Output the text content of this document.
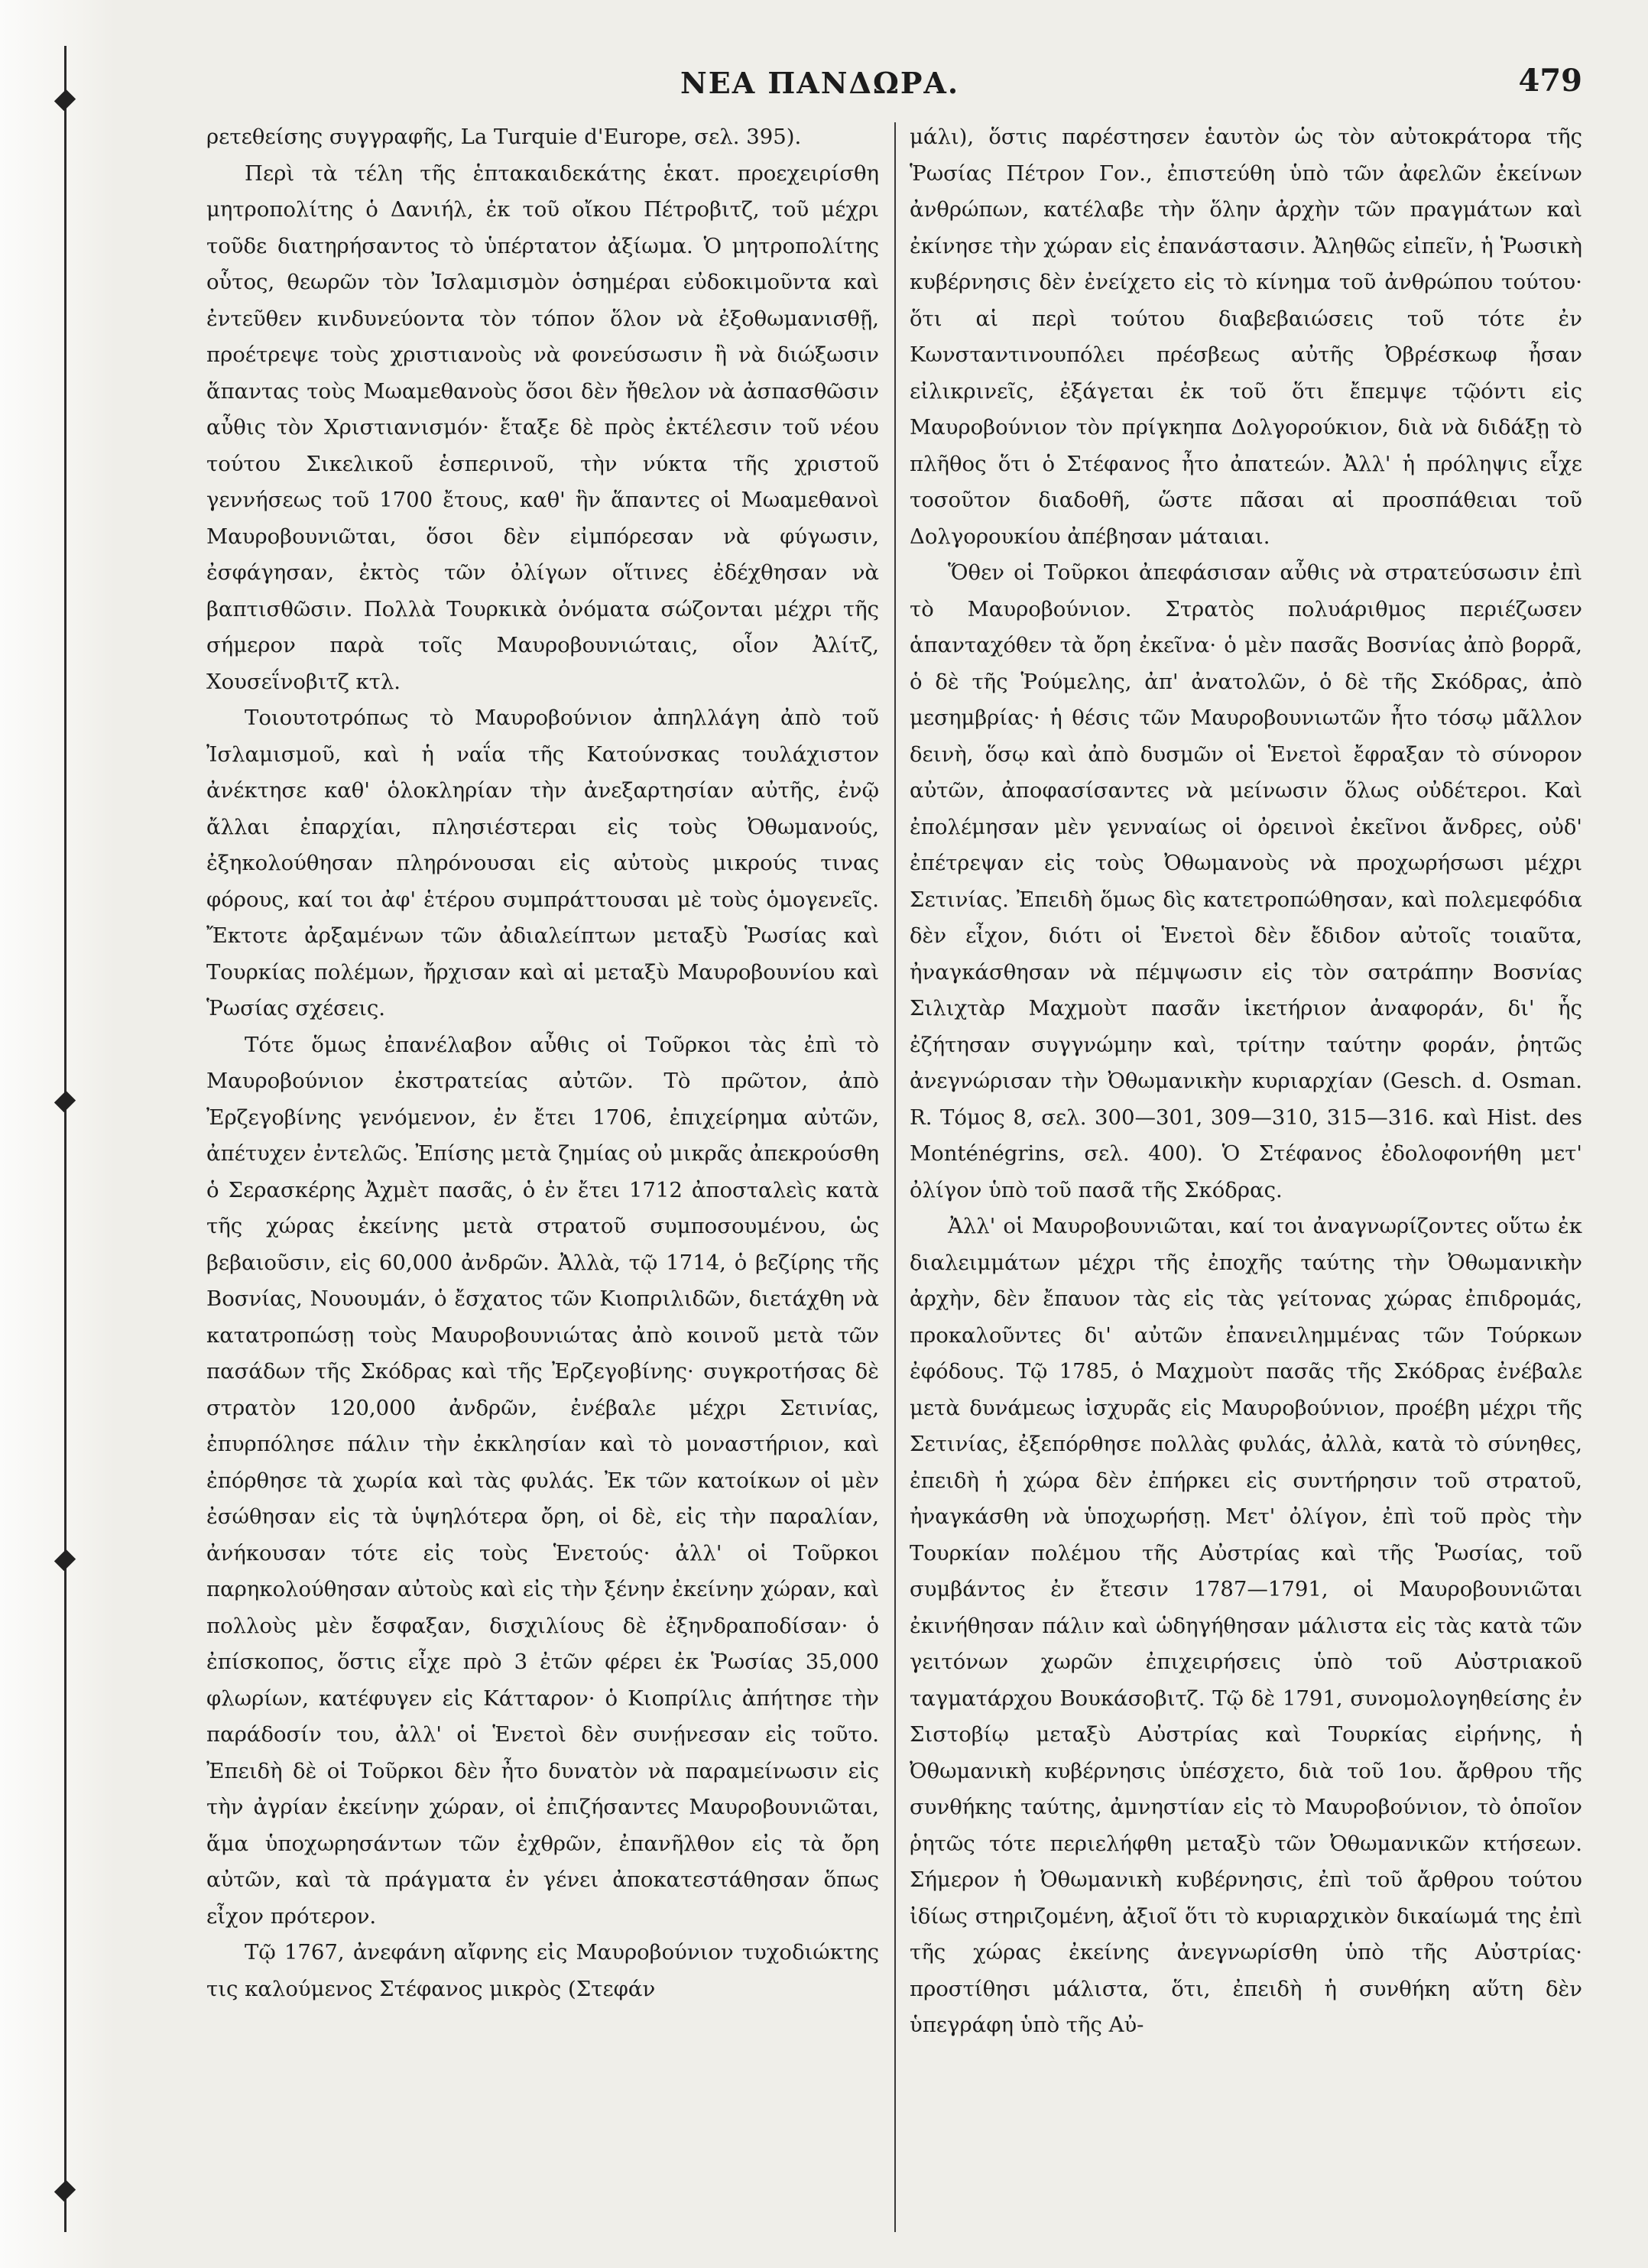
ΝΕΑ ΠΑΝΔΩΡΑ.	479

ρετεθείσης συγγραφῆς, La Turquie d'Europe, σελ. 395).

Περὶ τὰ τέλη τῆς ἑπτακαιδεκάτης ἑκατ. προεχειρίσθη μητροπολίτης ὁ Δανιήλ, ἐκ τοῦ οἴκου Πέτροβιτζ, τοῦ μέχρι τοῦδε διατηρήσαντος τὸ ὑπέρτατον ἀξίωμα. Ὁ μητροπολίτης οὗτος, θεωρῶν τὸν Ἰσλαμισμὸν ὁσημέραι εὐδοκιμοῦντα καὶ ἐντεῦθεν κινδυνεύοντα τὸν τόπον ὅλον νὰ ἐξοθωμανισθῇ, προέτρεψε τοὺς χριστιανοὺς νὰ φονεύσωσιν ἢ νὰ διώξωσιν ἅπαντας τοὺς Μωαμεθανοὺς ὅσοι δὲν ἤθελον νὰ ἀσπασθῶσιν αὖθις τὸν Χριστιανισμόν· ἔταξε δὲ πρὸς ἐκτέλεσιν τοῦ νέου τούτου Σικελικοῦ ἑσπερινοῦ, τὴν νύκτα τῆς χριστοῦ γεννήσεως τοῦ 1700 ἔτους, καθ' ἣν ἅπαντες οἱ Μωαμεθανοὶ Μαυροβουνιῶται, ὅσοι δὲν εἰμπόρεσαν νὰ φύγωσιν, ἐσφάγησαν, ἐκτὸς τῶν ὀλίγων οἵτινες ἐδέχθησαν νὰ βαπτισθῶσιν. Πολλὰ Τουρκικὰ ὀνόματα σώζονται μέχρι τῆς σήμερον παρὰ τοῖς Μαυροβουνιώταις, οἷον Ἀλίτζ, Χουσεΐνοβιτζ κτλ.

Τοιουτοτρόπως τὸ Μαυροβούνιον ἀπηλλάγη ἀπὸ τοῦ Ἰσλαμισμοῦ, καὶ ἡ ναΐα τῆς Κατούνσκας τουλάχιστον ἀνέκτησε καθ' ὁλοκληρίαν τὴν ἀνεξαρτησίαν αὐτῆς, ἐνῷ ἄλλαι ἐπαρχίαι, πλησιέστεραι εἰς τοὺς Ὀθωμανούς, ἐξηκολούθησαν πληρόνουσαι εἰς αὐτοὺς μικρούς τινας φόρους, καί τοι ἀφ' ἑτέρου συμπράττουσαι μὲ τοὺς ὁμογενεῖς. Ἔκτοτε ἀρξαμένων τῶν ἀδιαλείπτων μεταξὺ Ῥωσίας καὶ Τουρκίας πολέμων, ἤρχισαν καὶ αἱ μεταξὺ Μαυροβουνίου καὶ Ῥωσίας σχέσεις.

Τότε ὅμως ἐπανέλαβον αὖθις οἱ Τοῦρκοι τὰς ἐπὶ τὸ Μαυροβούνιον ἐκστρατείας αὐτῶν. Τὸ πρῶτον, ἀπὸ Ἐρζεγοβίνης γενόμενον, ἐν ἔτει 1706, ἐπιχείρημα αὐτῶν, ἀπέτυχεν ἐντελῶς. Ἐπίσης μετὰ ζημίας οὐ μικρᾶς ἀπεκρούσθη ὁ Σερασκέρης Ἀχμὲτ πασᾶς, ὁ ἐν ἔτει 1712 ἀποσταλεὶς κατὰ τῆς χώρας ἐκείνης μετὰ στρατοῦ συμποσουμένου, ὡς βεβαιοῦσιν, εἰς 60,000 ἀνδρῶν. Ἀλλὰ, τῷ 1714, ὁ βεζίρης τῆς Βοσνίας, Νουουμάν, ὁ ἔσχατος τῶν Κιοπριλιδῶν, διετάχθη νὰ κατατροπώσῃ τοὺς Μαυροβουνιώτας ἀπὸ κοινοῦ μετὰ τῶν πασάδων τῆς Σκόδρας καὶ τῆς Ἐρζεγοβίνης· συγκροτήσας δὲ στρατὸν 120,000 ἀνδρῶν, ἐνέβαλε μέχρι Σετινίας, ἐπυρπόλησε πάλιν τὴν ἐκκλησίαν καὶ τὸ μοναστήριον, καὶ ἐπόρθησε τὰ χωρία καὶ τὰς φυλάς. Ἐκ τῶν κατοίκων οἱ μὲν ἐσώθησαν εἰς τὰ ὑψηλότερα ὄρη, οἱ δὲ, εἰς τὴν παραλίαν, ἀνήκουσαν τότε εἰς τοὺς Ἑνετούς· ἀλλ' οἱ Τοῦρκοι παρηκολούθησαν αὐτοὺς καὶ εἰς τὴν ξένην ἐκείνην χώραν, καὶ πολλοὺς μὲν ἔσφαξαν, δισχιλίους δὲ ἐξηνδραποδίσαν· ὁ ἐπίσκοπος, ὅστις εἶχε πρὸ 3 ἐτῶν φέρει ἐκ Ῥωσίας 35,000 φλωρίων, κατέφυγεν εἰς Κάτταρον· ὁ Κιοπρίλις ἀπήτησε τὴν παράδοσίν του, ἀλλ' οἱ Ἑνετοὶ δὲν συνῄνεσαν εἰς τοῦτο. Ἐπειδὴ δὲ οἱ Τοῦρκοι δὲν ἦτο δυνατὸν νὰ παραμείνωσιν εἰς τὴν ἀγρίαν ἐκείνην χώραν, οἱ ἐπιζήσαντες Μαυροβουνιῶται, ἅμα ὑποχωρησάντων τῶν ἐχθρῶν, ἐπανῆλθον εἰς τὰ ὄρη αὐτῶν, καὶ τὰ πράγματα ἐν γένει ἀποκατεστάθησαν ὅπως εἶχον πρότερον.

Τῷ 1767, ἀνεφάνη αἴφνης εἰς Μαυροβούνιον τυχοδιώκτης τις καλούμενος Στέφανος μικρὸς (Στεφάν

μάλι), ὅστις παρέστησεν ἑαυτὸν ὡς τὸν αὐτοκράτορα τῆς Ῥωσίας Πέτρον Γον., ἐπιστεύθη ὑπὸ τῶν ἀφελῶν ἐκείνων ἀνθρώπων, κατέλαβε τὴν ὅλην ἀρχὴν τῶν πραγμάτων καὶ ἐκίνησε τὴν χώραν εἰς ἐπανάστασιν. Ἀληθῶς εἰπεῖν, ἡ Ῥωσικὴ κυβέρνησις δὲν ἐνείχετο εἰς τὸ κίνημα τοῦ ἀνθρώπου τούτου· ὅτι αἱ περὶ τούτου διαβεβαιώσεις τοῦ τότε ἐν Κωνσταντινουπόλει πρέσβεως αὐτῆς Ὀβρέσκωφ ἦσαν εἰλικρινεῖς, ἐξάγεται ἐκ τοῦ ὅτι ἔπεμψε τῷόντι εἰς Μαυροβούνιον τὸν πρίγκηπα Δολγορούκιον, διὰ νὰ διδάξῃ τὸ πλῆθος ὅτι ὁ Στέφανος ἦτο ἀπατεών. Ἀλλ' ἡ πρόληψις εἶχε τοσοῦτον διαδοθῆ, ὥστε πᾶσαι αἱ προσπάθειαι τοῦ Δολγορουκίου ἀπέβησαν μάταιαι.

Ὅθεν οἱ Τοῦρκοι ἀπεφάσισαν αὖθις νὰ στρατεύσωσιν ἐπὶ τὸ Μαυροβούνιον. Στρατὸς πολυάριθμος περιέζωσεν ἁπανταχόθεν τὰ ὄρη ἐκεῖνα· ὁ μὲν πασᾶς Βοσνίας ἀπὸ βορρᾶ, ὁ δὲ τῆς Ῥούμελης, ἀπ' ἀνατολῶν, ὁ δὲ τῆς Σκόδρας, ἀπὸ μεσημβρίας· ἡ θέσις τῶν Μαυροβουνιωτῶν ἦτο τόσῳ μᾶλλον δεινὴ, ὅσῳ καὶ ἀπὸ δυσμῶν οἱ Ἑνετοὶ ἔφραξαν τὸ σύνορον αὐτῶν, ἀποφασίσαντες νὰ μείνωσιν ὅλως οὐδέτεροι. Καὶ ἐπολέμησαν μὲν γενναίως οἱ ὀρεινοὶ ἐκεῖνοι ἄνδρες, οὐδ' ἐπέτρεψαν εἰς τοὺς Ὀθωμανοὺς νὰ προχωρήσωσι μέχρι Σετινίας. Ἐπειδὴ ὅμως δὶς κατετροπώθησαν, καὶ πολεμεφόδια δὲν εἶχον, διότι οἱ Ἑνετοὶ δὲν ἔδιδον αὐτοῖς τοιαῦτα, ἠναγκάσθησαν νὰ πέμψωσιν εἰς τὸν σατράπην Βοσνίας Σιλιχτὰρ Μαχμοὺτ πασᾶν ἱκετήριον ἀναφοράν, δι' ἧς ἐζήτησαν συγγνώμην καὶ, τρίτην ταύτην φοράν, ῥητῶς ἀνεγνώρισαν τὴν Ὀθωμανικὴν κυριαρχίαν (Gesch. d. Osman. R. Τόμος 8, σελ. 300—301, 309—310, 315—316. καὶ Hist. des Monténégrins, σελ. 400). Ὁ Στέφανος ἐδολοφονήθη μετ' ὀλίγον ὑπὸ τοῦ πασᾶ τῆς Σκόδρας.

Ἀλλ' οἱ Μαυροβουνιῶται, καί τοι ἀναγνωρίζοντες οὕτω ἐκ διαλειμμάτων μέχρι τῆς ἐποχῆς ταύτης τὴν Ὀθωμανικὴν ἀρχὴν, δὲν ἔπαυον τὰς εἰς τὰς γείτονας χώρας ἐπιδρομάς, προκαλοῦντες δι' αὐτῶν ἐπανειλημμένας τῶν Τούρκων ἐφόδους. Τῷ 1785, ὁ Μαχμοὺτ πασᾶς τῆς Σκόδρας ἐνέβαλε μετὰ δυνάμεως ἰσχυρᾶς εἰς Μαυροβούνιον, προέβη μέχρι τῆς Σετινίας, ἐξεπόρθησε πολλὰς φυλάς, ἀλλὰ, κατὰ τὸ σύνηθες, ἐπειδὴ ἡ χώρα δὲν ἐπήρκει εἰς συντήρησιν τοῦ στρατοῦ, ἠναγκάσθη νὰ ὑποχωρήσῃ. Μετ' ὀλίγον, ἐπὶ τοῦ πρὸς τὴν Τουρκίαν πολέμου τῆς Αὐστρίας καὶ τῆς Ῥωσίας, τοῦ συμβάντος ἐν ἔτεσιν 1787—1791, οἱ Μαυροβουνιῶται ἐκινήθησαν πάλιν καὶ ὡδηγήθησαν μάλιστα εἰς τὰς κατὰ τῶν γειτόνων χωρῶν ἐπιχειρήσεις ὑπὸ τοῦ Αὐστριακοῦ ταγματάρχου Βουκάσοβιτζ. Τῷ δὲ 1791, συνομολογηθείσης ἐν Σιστοβίῳ μεταξὺ Αὐστρίας καὶ Τουρκίας εἰρήνης, ἡ Ὀθωμανικὴ κυβέρνησις ὑπέσχετο, διὰ τοῦ 1ου. ἄρθρου τῆς συνθήκης ταύτης, ἀμνηστίαν εἰς τὸ Μαυροβούνιον, τὸ ὁποῖον ῥητῶς τότε περιελήφθη μεταξὺ τῶν Ὀθωμανικῶν κτήσεων. Σήμερον ἡ Ὀθωμανικὴ κυβέρνησις, ἐπὶ τοῦ ἄρθρου τούτου ἰδίως στηριζομένη, ἀξιοῖ ὅτι τὸ κυριαρχικὸν δικαίωμά της ἐπὶ τῆς χώρας ἐκείνης ἀνεγνωρίσθη ὑπὸ τῆς Αὐστρίας· προστίθησι μάλιστα, ὅτι, ἐπειδὴ ἡ συνθήκη αὕτη δὲν ὑπεγράφη ὑπὸ τῆς Αὐ-
